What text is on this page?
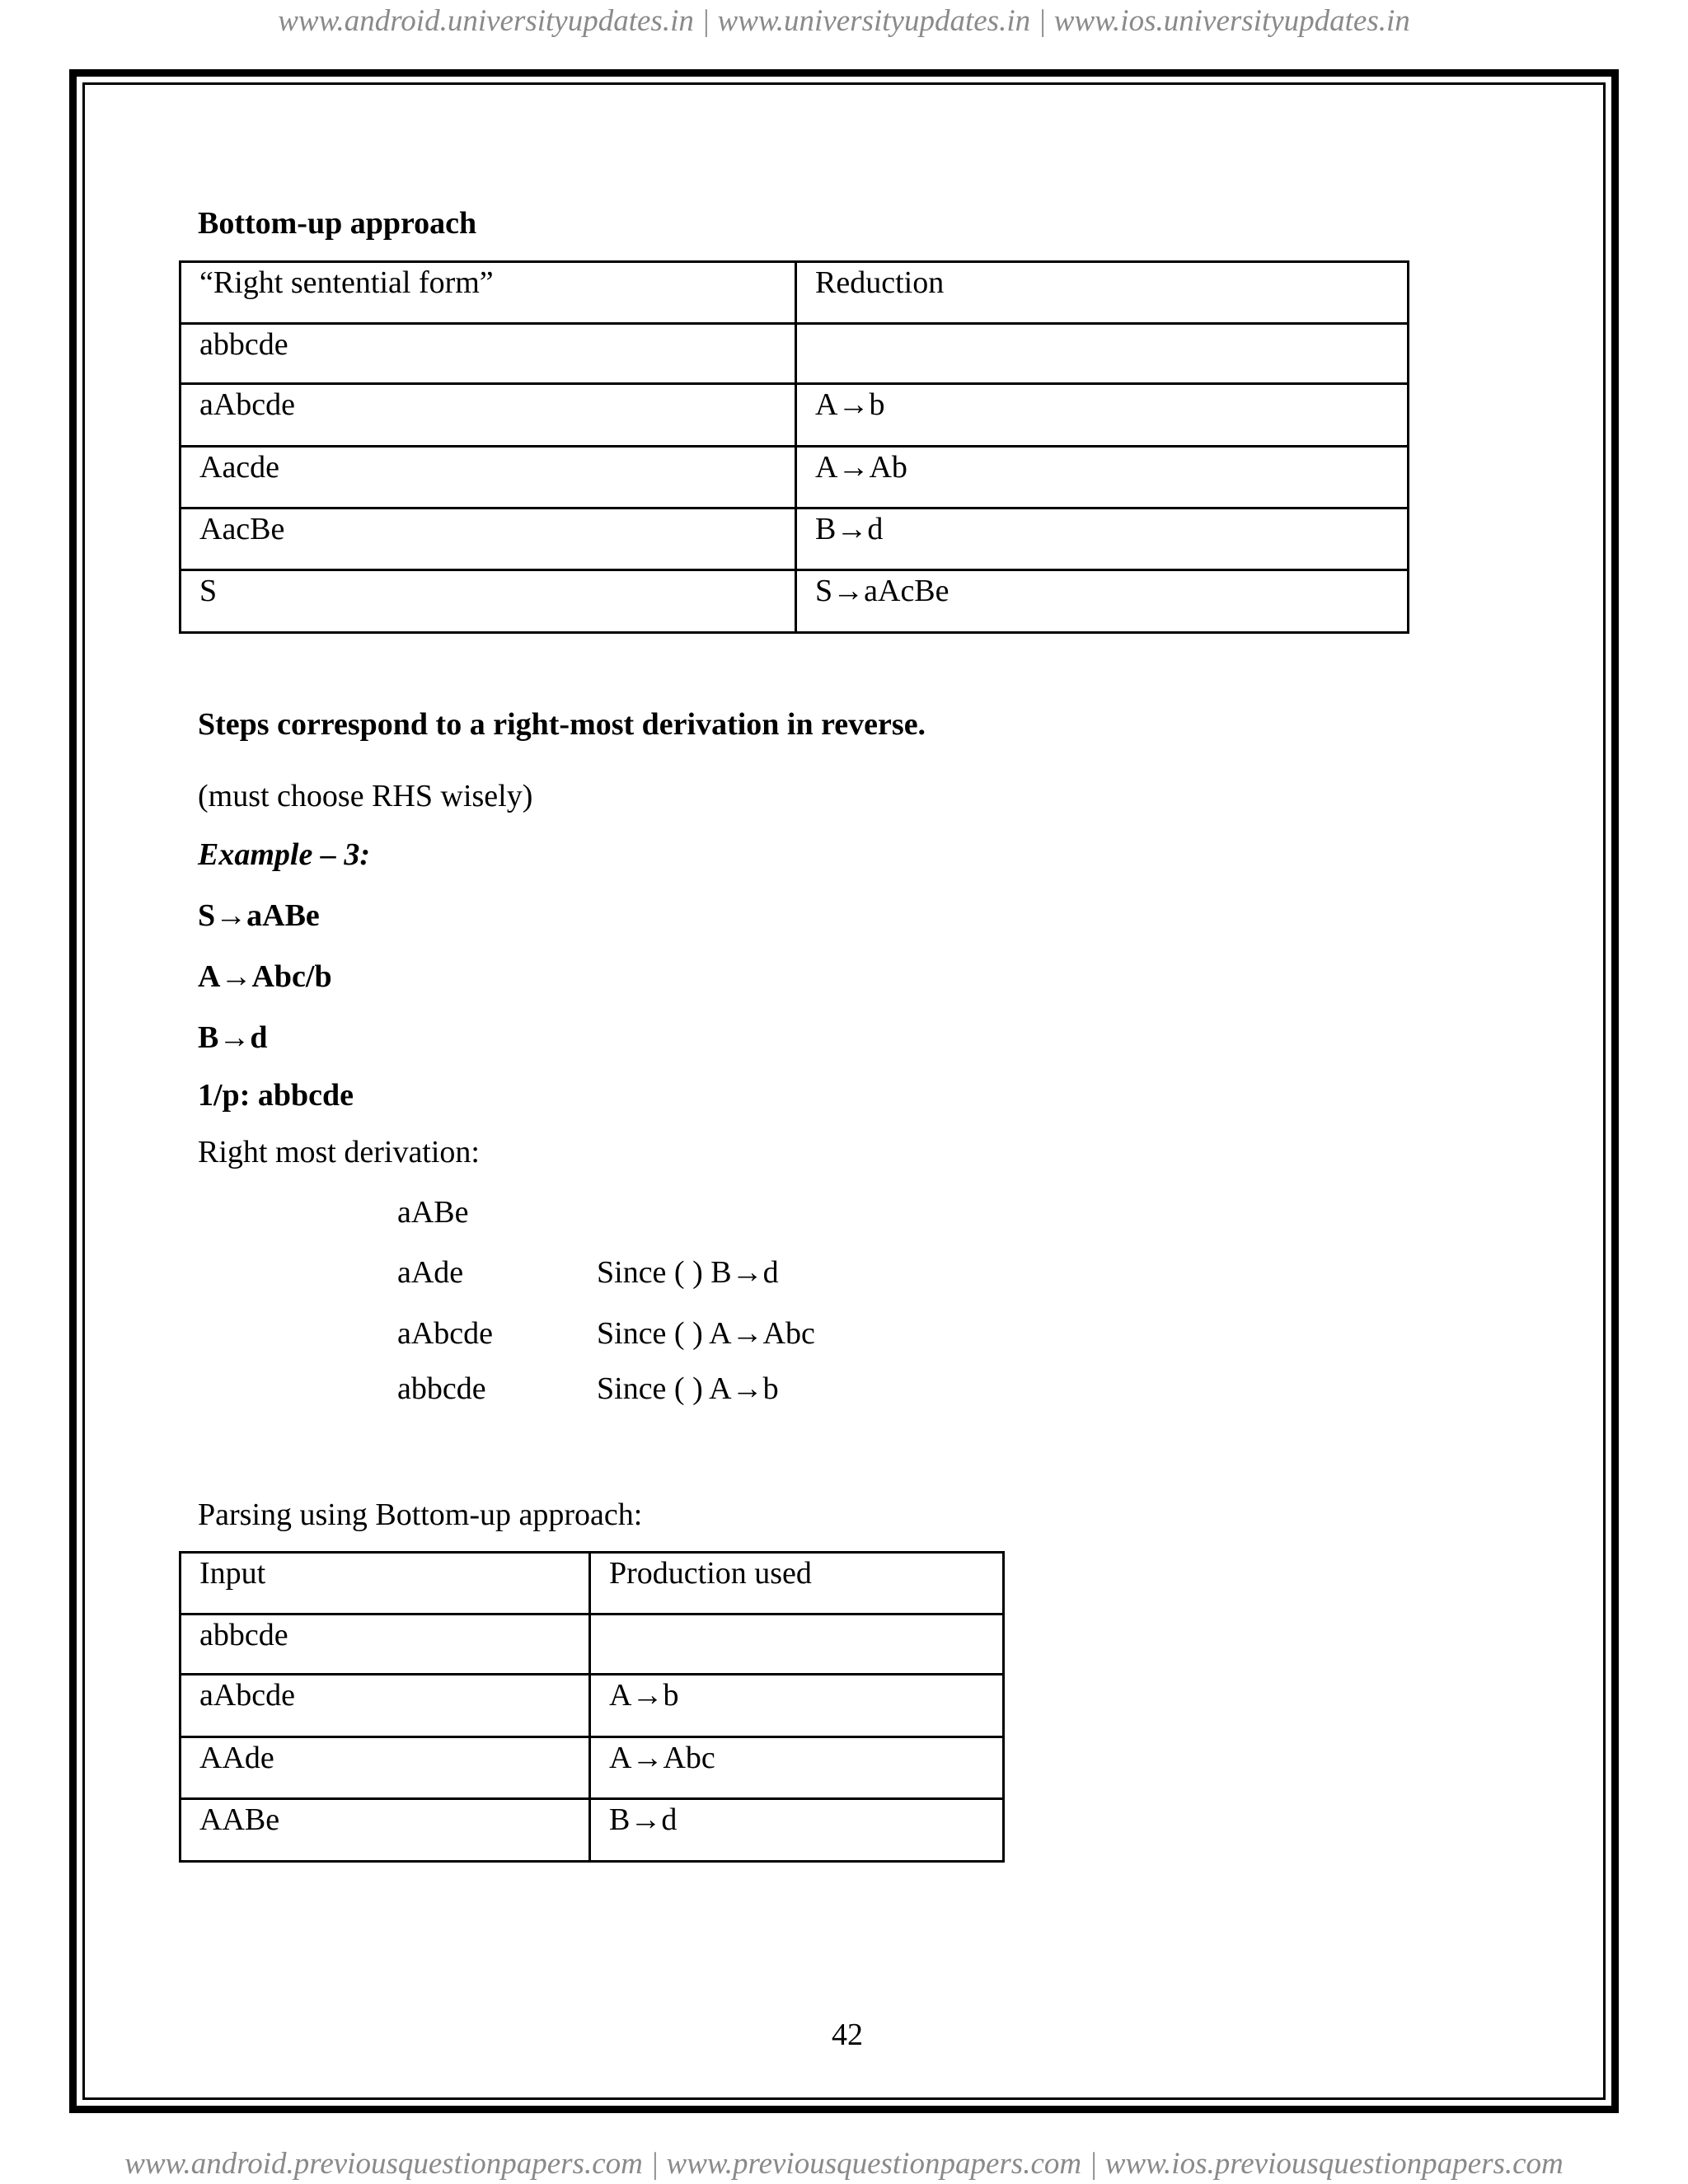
www.android.universityupdates.in | www.universityupdates.in | www.ios.universityupdates.in
Bottom-up approach
“Right sentential form”	Reduction
abbcde	
aAbcde	A→b
Aacde	A→Ab
AacBe	B→d
S	S→aAcBe
Steps correspond to a right-most derivation in reverse.
(must choose RHS wisely)
Example – 3:
S→aABe
A→Abc/b
B→d
1/p: abbcde
Right most derivation:
aABe
aAde	Since ( ) B→d
aAbcde	Since ( ) A→Abc
abbcde	Since ( ) A→b
Parsing using Bottom-up approach:
Input	Production used
abbcde	
aAbcde	A→b
AAde	A→Abc
AABe	B→d
42
www.android.previousquestionpapers.com | www.previousquestionpapers.com | www.ios.previousquestionpapers.com
